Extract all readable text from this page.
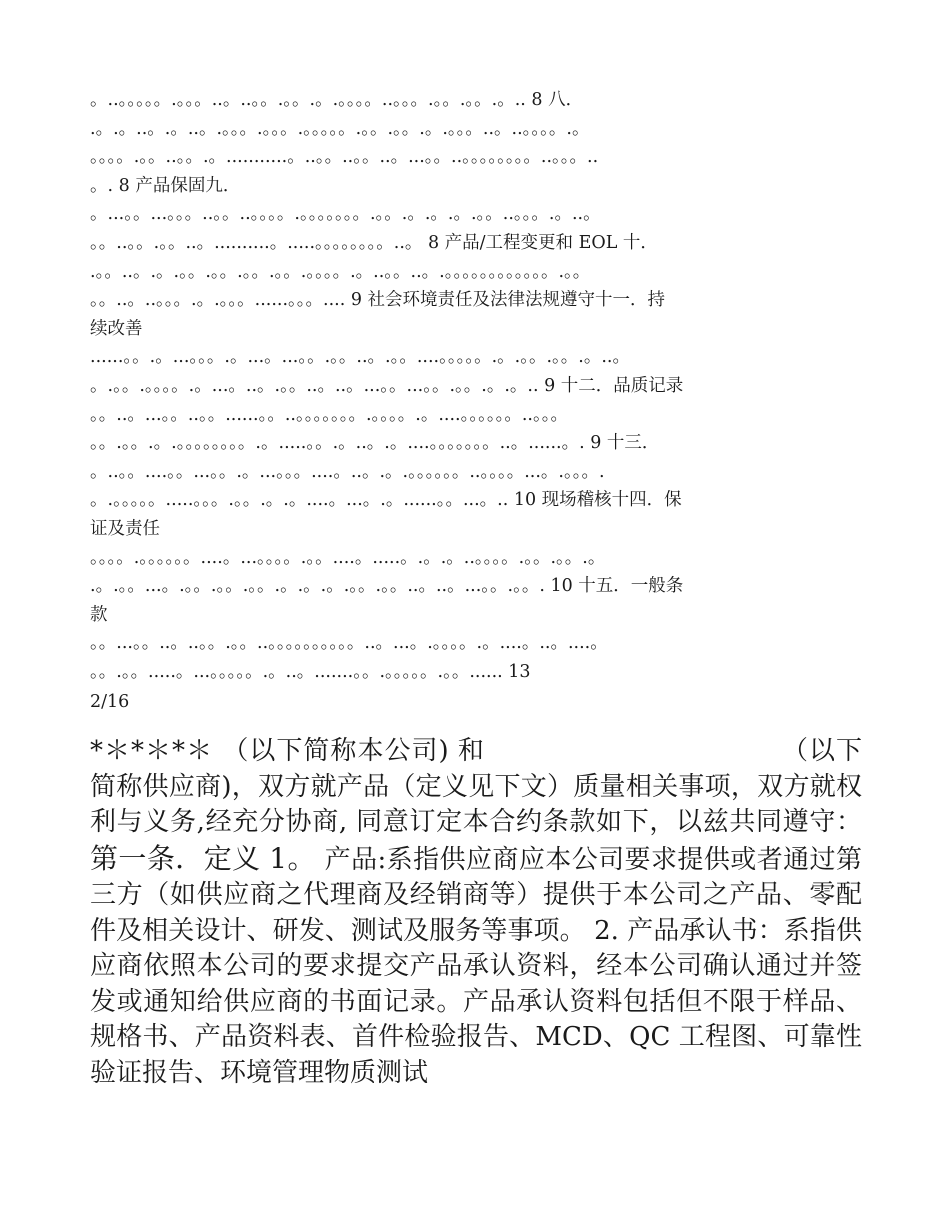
。..。。。。。.。。。..。..。。.。。.。.。。。。..。。。.。。.。。.。.. 8 八．
.。.。..。.。..。.。。。.。。。.。。。。。.。。.。。.。.。。。..。..。。。。.。
。。。。.。。..。。.。...........。..。。..。。..。...。。..。。。。。。。。..。。。..
。. 8 产品保固九．
。...。。...。。。..。。..。。。。.。。。。。。。.。。.。.。.。.。。..。。。.。..。
。。..。。.。。..。..........。.....。。。。。。。。..。 8 产品/工程变更和 EOL 十．
.。。..。.。.。。.。。.。。.。。.。。。。.。..。。..。.。。。。。。。。。。。。.。。
。。..。..。。。.。.。。。......。。。.... 9 社会环境责任及法律法规遵守十一．持
续改善
......。。.。...。。。.。...。...。。.。。..。.。。....。。。。。.。.。。.。。.。..。
。.。。.。。。。.。...。..。.。。..。..。...。。...。。.。。.。.。.. 9 十二．品质记录
。。..。...。。..。。......。。..。。。。。。。.。。。。.。....。。。。。。..。。。
。。.。。.。.。。。。。。。。.。.....。。.。..。.。....。。。。。。。..。......。. 9 十三．
。..。。....。。...。。.。...。。。....。..。.。.。。。。。。..。。。。...。.。。。.
。.。。。。。.....。。。.。。.。.。....。...。.。......。。...。.. 10 现场稽核十四．保
证及责任
。。。。.。。。。。。....。...。。。。.。。....。.....。.。.。..。。。。.。。.。。.。
.。.。。...。.。。.。。.。。.。.。.。.。。.。。..。..。...。。.。。. 10 十五．一般条
款
。。...。。..。..。。.。。..。。。。。。。。。。..。...。.。。。。.。....。..。....。
。。.。。.....。...。。。。。.。..。.......。。.。。。。。.。。...... 13
2/16
*＊*＊*＊ （以下简称本公司) 和	（以下简称供应商)，双方就产品（定义见下文）质量相关事项，双方就权利与义务,经充分协商, 同意订定本合约条款如下，以兹共同遵守： 第一条．定义 1。 产品:系指供应商应本公司要求提供或者通过第三方（如供应商之代理商及经销商等）提供于本公司之产品、零配件及相关设计、研发、测试及服务等事项。 2. 产品承认书：系指供应商依照本公司的要求提交产品承认资料，经本公司确认通过并签发或通知给供应商的书面记录。产品承认资料包括但不限于样品、规格书、产品资料表、首件检验报告、MCD、QC 工程图、可靠性验证报告、环境管理物质测试
